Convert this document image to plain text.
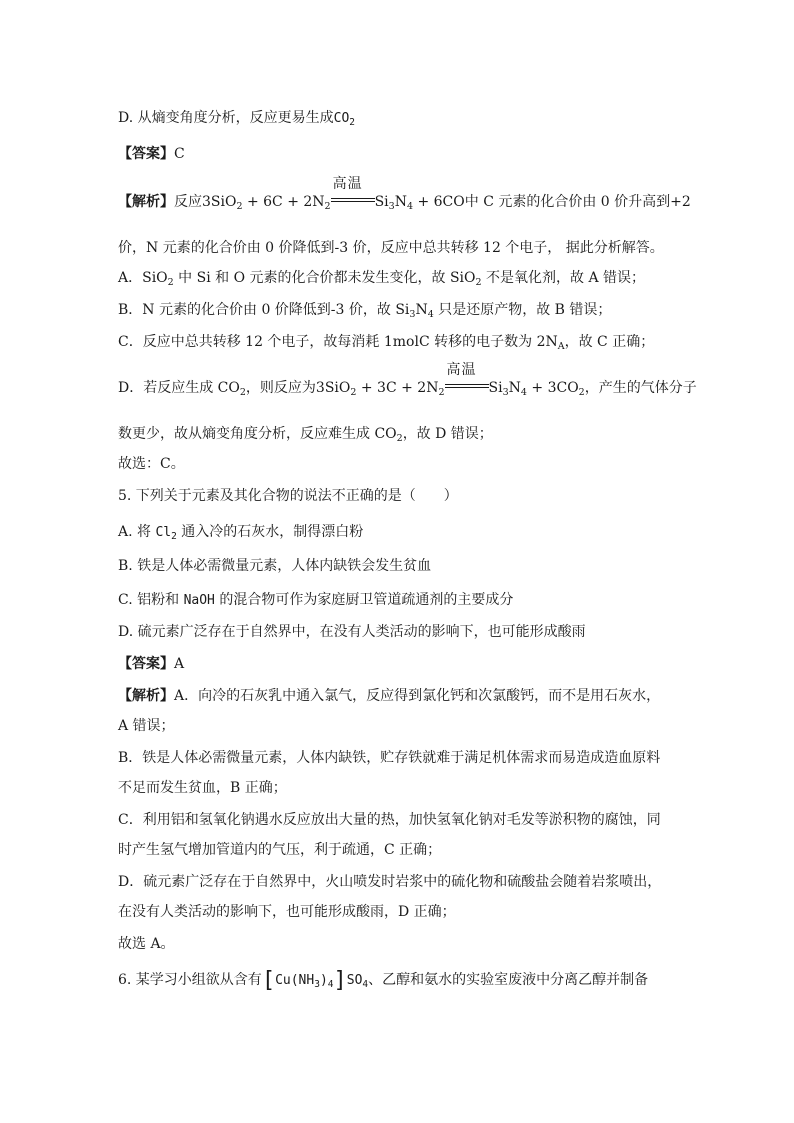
D. 从熵变角度分析，反应更易生成$CO_2$
【答案】C
【解析】反应$3SiO_2 + 6C + 2N_2$
高温
$Si_3N_4 + 6CO$中 C 元素的化合价由 0 价升高到+2
价，N 元素的化合价由 0 价降低到-3 价，反应中总共转移 12 个电子， 据此分析解答。
A．SiO$_2$ 中 Si 和 O 元素的化合价都未发生变化，故 SiO$_2$ 不是氧化剂，故 A 错误；
B．N 元素的化合价由 0 价降低到-3 价，故 $Si_3N_4$ 只是还原产物，故 B 错误；
C．反应中总共转移 12 个电子，故每消耗 1molC 转移的电子数为 $2N_A$，故 C 正确；
D．若反应生成 $CO_2$，则反应为$3SiO_2 + 3C + 2N_2$
高温
$Si_3N_4 + 3CO_2$，产生的气体分子
数更少，故从熵变角度分析，反应难生成 $CO_2$，故 D 错误；
故选：C。
5. 下列关于元素及其化合物的说法不正确的是（　　）
A. 将 $Cl_2$ 通入冷的石灰水，制得漂白粉
B. 铁是人体必需微量元素，人体内缺铁会发生贫血
C. 铝粉和 NaOH 的混合物可作为家庭厨卫管道疏通剂的主要成分
D. 硫元素广泛存在于自然界中，在没有人类活动的影响下，也可能形成酸雨
【答案】A
【解析】A．向冷的石灰乳中通入氯气，反应得到氯化钙和次氯酸钙，而不是用石灰水，
A 错误；
B．铁是人体必需微量元素，人体内缺铁，贮存铁就难于满足机体需求而易造成造血原料
不足而发生贫血，B 正确；
C．利用铝和氢氧化钠遇水反应放出大量的热，加快氢氧化钠对毛发等淤积物的腐蚀，同
时产生氢气增加管道内的气压，利于疏通，C 正确；
D．硫元素广泛存在于自然界中，火山喷发时岩浆中的硫化物和硫酸盐会随着岩浆喷出，
在没有人类活动的影响下，也可能形成酸雨，D 正确；
故选 A。
6. 某学习小组欲从含有$[Cu(NH_3)_4]SO_4$、乙醇和氨水的实验室废液中分离乙醇并制备
